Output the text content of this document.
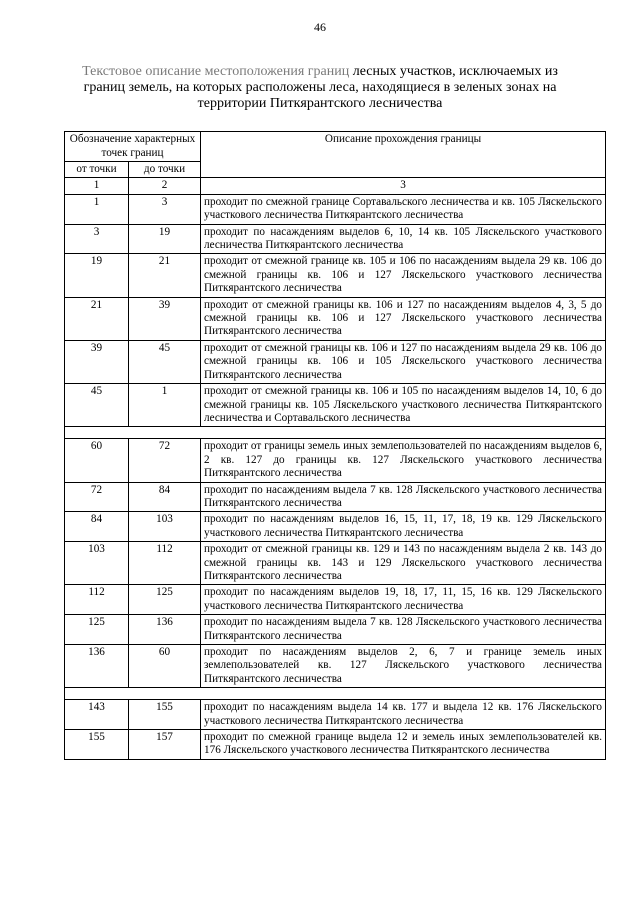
46
Текстовое описание местоположения границ лесных участков, исключаемых из границ земель, на которых расположены леса, находящиеся в зеленых зонах на территории Питкярантского лесничества
Обозначение характерных точек границ		Описание прохождения границы
от точки	до точки	
1	2	3
1	3	проходит по смежной границе Сортавальского лесничества и кв. 105 Ляскельского участкового лесничества Питкярантского лесничества
3	19	проходит по насаждениям выделов 6, 10, 14 кв. 105 Ляскельского участкового лесничества Питкярантского лесничества
19	21	проходит от смежной границе кв. 105 и 106 по насаждениям выдела 29 кв. 106 до смежной границы кв. 106 и 127 Ляскельского участкового лесничества Питкярантского лесничества
21	39	проходит от смежной границы кв. 106 и 127 по насаждениям выделов 4, 3, 5 до смежной границы кв. 106 и 127 Ляскельского участкового лесничества Питкярантского лесничества
39	45	проходит от смежной границы кв. 106 и 127 по насаждениям выдела 29 кв. 106 до смежной границы кв. 106 и 105 Ляскельского участкового лесничества Питкярантского лесничества
45	1	проходит от смежной границы кв. 106 и 105 по насаждениям выделов 14, 10, 6 до смежной границы кв. 105 Ляскельского участкового лесничества Питкярантского лесничества и Сортавальского лесничества

60	72	проходит от границы земель иных землепользователей по насаждениям выделов 6, 2 кв. 127 до границы кв. 127 Ляскельского участкового лесничества Питкярантского лесничества
72	84	проходит по насаждениям выдела 7 кв. 128 Ляскельского участкового лесничества Питкярантского лесничества
84	103	проходит по насаждениям выделов 16, 15, 11, 17, 18, 19 кв. 129 Ляскельского участкового лесничества Питкярантского лесничества
103	112	проходит от смежной границы кв. 129 и 143 по насаждениям выдела 2 кв. 143 до смежной границы кв. 143 и 129 Ляскельского участкового лесничества Питкярантского лесничества
112	125	проходит по насаждениям выделов 19, 18, 17, 11, 15, 16 кв. 129 Ляскельского участкового лесничества Питкярантского лесничества
125	136	проходит по насаждениям выдела 7 кв. 128 Ляскельского участкового лесничества Питкярантского лесничества
136	60	проходит по насаждениям выделов 2, 6, 7 и границе земель иных землепользователей кв. 127 Ляскельского участкового лесничества Питкярантского лесничества

143	155	проходит по насаждениям выдела 14 кв. 177 и выдела 12 кв. 176 Ляскельского участкового лесничества Питкярантского лесничества
155	157	проходит по смежной границе выдела 12 и земель иных землепользователей кв. 176 Ляскельского участкового лесничества Питкярантского лесничества
